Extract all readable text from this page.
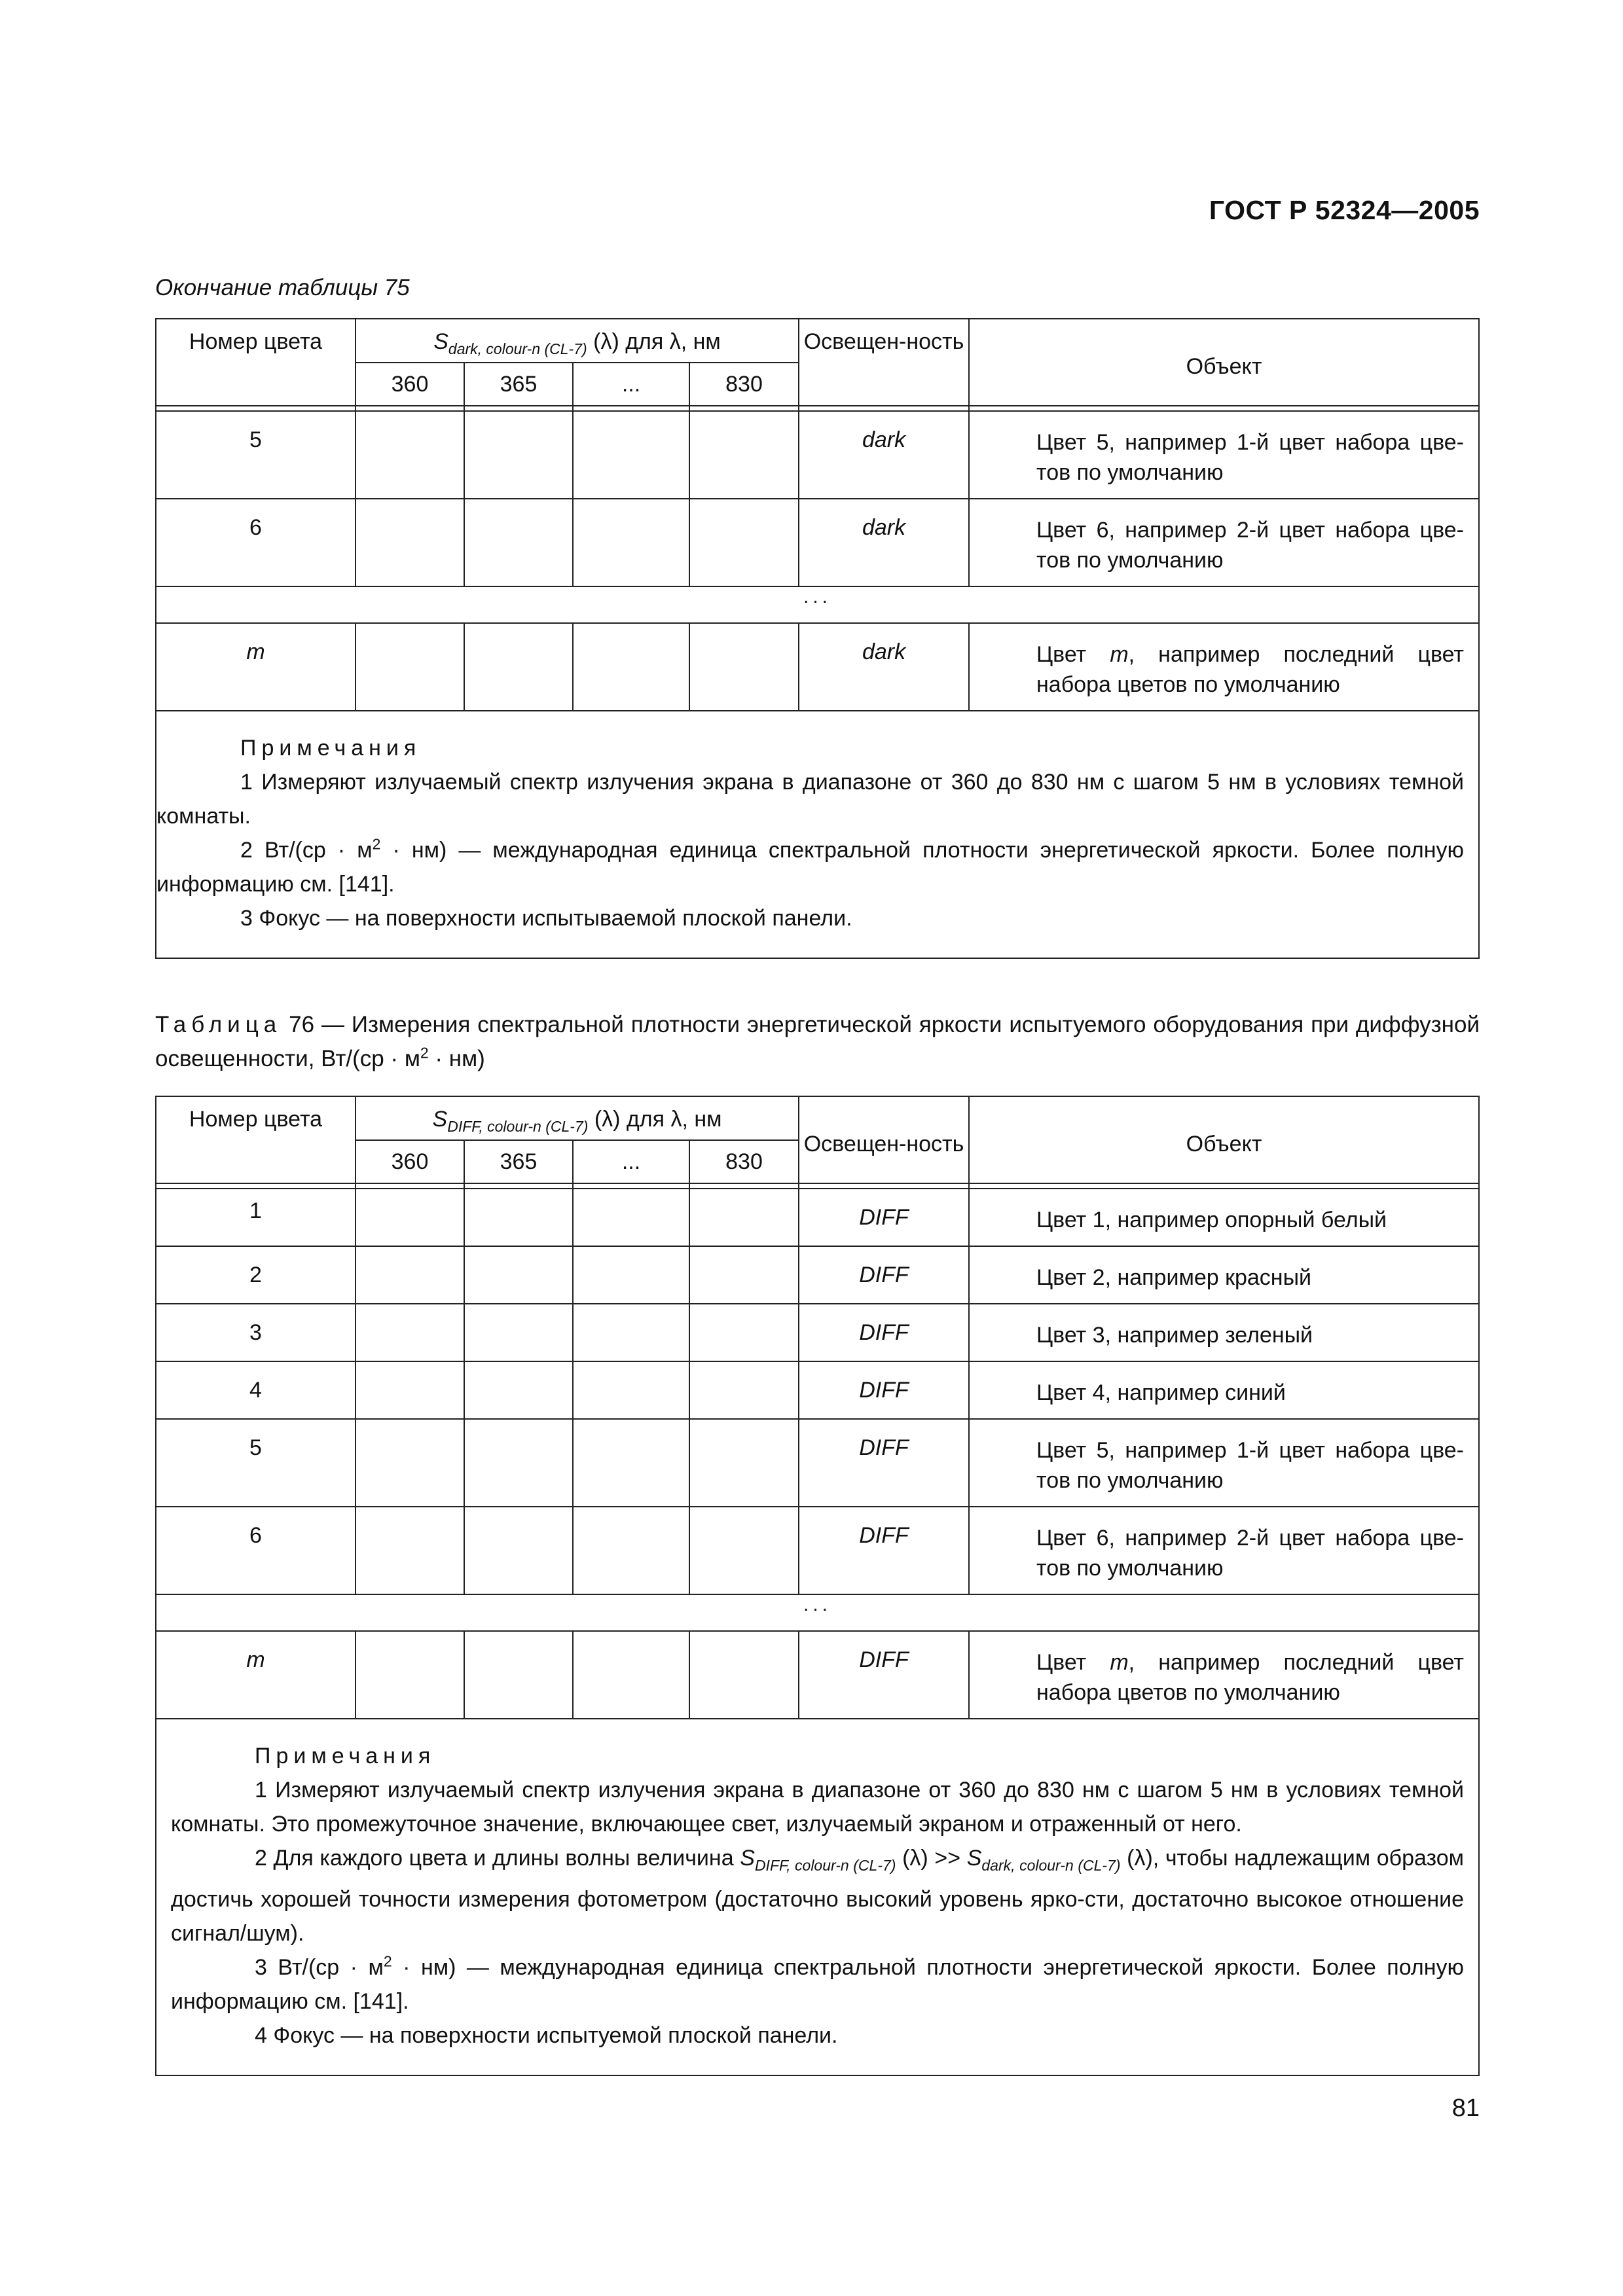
ГОСТ Р 52324—2005
Окончание таблицы 75
Номер цвета	$S_{dark, colour-n (CL-7)}$ (λ) для λ, нм				Освещен-ность	Объект
	360	365	...	830		

5					dark	Цвет 5, например 1-й цвет набора цве-тов по умолчанию

6					dark	Цвет 6, например 2-й цвет набора цве-тов по умолчанию

...						
m					dark	Цвет m, например последний цвет набора цветов по умолчанию

Примечания

1 Измеряют излучаемый спектр излучения экрана в диапазоне от 360 до 830 нм с шагом 5 нм в условиях темной комнаты.

2 $Вт/(ср \cdot м^2 \cdot нм)$ — международная единица спектральной плотности энергетической яркости. Более полную информацию см. [141].

3 Фокус — на поверхности испытываемой плоской панели.						

Таблица 76 — Измерения спектральной плотности энергетической яркости испытуемого оборудования при диффузной освещенности, $Вт/(ср \cdot м^2 \cdot нм)$
Номер цвета	$S_{DIFF, colour-n (CL-7)}$ (λ) для λ, нм				Освещен-ность	Объект
	360	365	...	830		

1					DIFF	Цвет 1, например опорный белый

2					DIFF	Цвет 2, например красный

3					DIFF	Цвет 3, например зеленый

4					DIFF	Цвет 4, например синий

5					DIFF	Цвет 5, например 1-й цвет набора цве-тов по умолчанию

6					DIFF	Цвет 6, например 2-й цвет набора цве-тов по умолчанию

...						
m					DIFF	Цвет m, например последний цвет набора цветов по умолчанию

Примечания

1 Измеряют излучаемый спектр излучения экрана в диапазоне от 360 до 830 нм с шагом 5 нм в условиях темной комнаты. Это промежуточное значение, включающее свет, излучаемый экраном и отраженный от него.

2 Для каждого цвета и длины волны величина $S_{DIFF, colour-n (CL-7)}$ $(\lambda) >> S_{dark, colour-n (CL-7)}$ (λ), чтобы надлежащим образом достичь хорошей точности измерения фотометром (достаточно высокий уровень ярко-сти, достаточно высокое отношение сигнал/шум).

3 $Вт/(ср \cdot м^2 \cdot нм)$ — международная единица спектральной плотности энергетической яркости. Более полную информацию см. [141].

4 Фокус — на поверхности испытуемой плоской панели.						

81
